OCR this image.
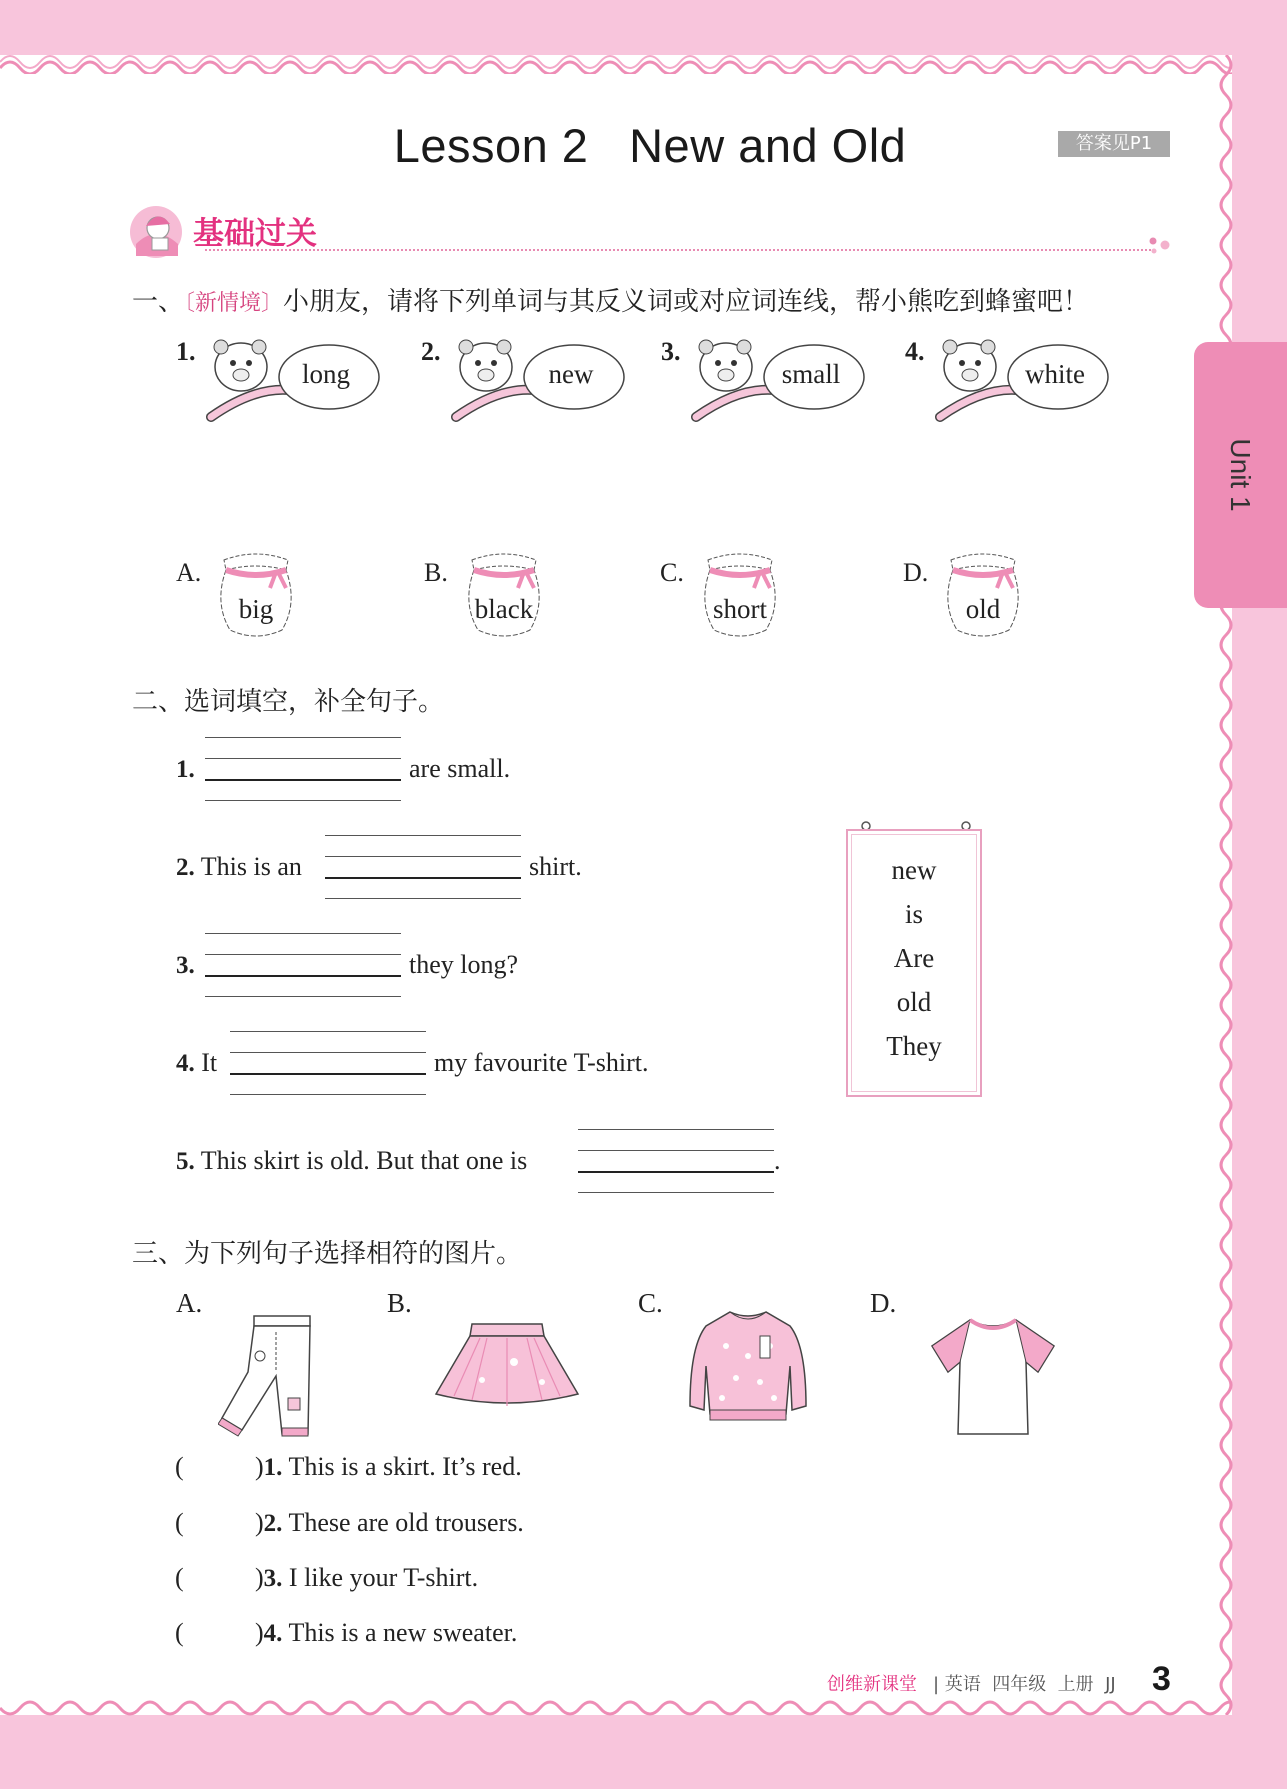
Unit 1
Lesson 2   New and Old	答案见P1
基础过关
一、〔新情境〕小朋友，请将下列单词与其反义词或对应词连线，帮小熊吃到蜂蜜吧！
1.
long
2.
new
3.
small
4.
white
A.
big
B.
black
C.
short
D.
old
二、选词填空，补全句子。
1.	are small.
2. This is an	shirt.
3.	they long?
4. It	my favourite T-shirt.
5. This skirt is old. But that one is	.
new
is
Are
old
They
三、为下列句子选择相符的图片。
A.	B.	C.	D.
(	)1. This is a skirt. It’s red.
(	)2. These are old trousers.
(	)3. I like your T-shirt.
(	)4. This is a new sweater.
创维新课堂 | 英语  四年级  上册  JJ 3
